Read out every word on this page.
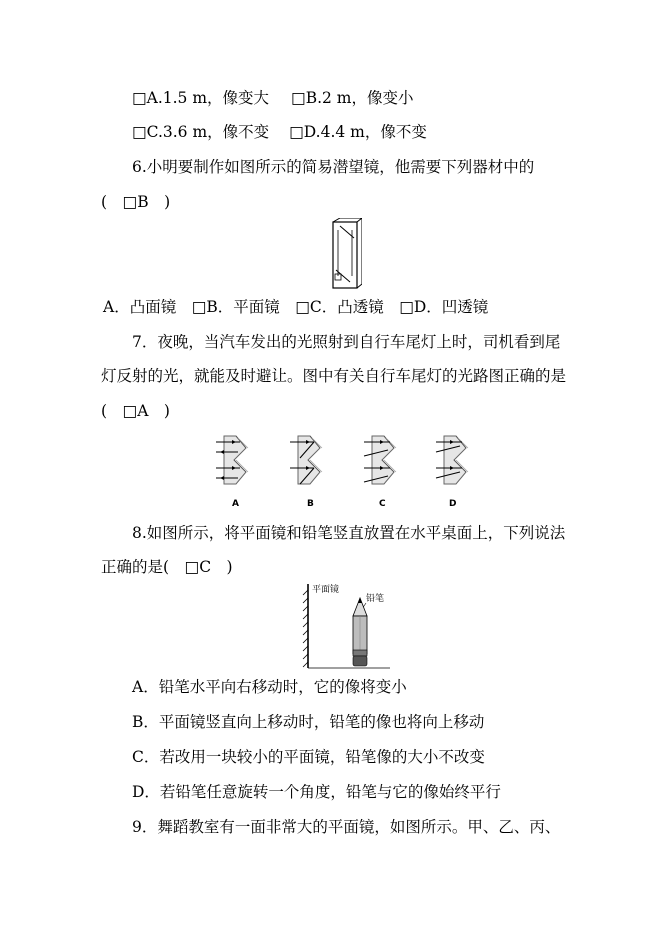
□A.1.5 m，像变大 □B.2 m，像变小
□C.3.6 m，像不变 □D.4.4 m，像不变
6.小明要制作如图所示的简易潜望镜，他需要下列器材中的
(　□B　)
A．凸面镜　□B．平面镜　□C．凸透镜　□D．凹透镜
7．夜晚，当汽车发出的光照射到自行车尾灯上时，司机看到尾
灯反射的光，就能及时避让。图中有关自行车尾灯的光路图正确的是
(　□A　)
A	B	C	D
8.如图所示，将平面镜和铅笔竖直放置在水平桌面上，下列说法
正确的是(　□C　)
平面镜
铅笔
A．铅笔水平向右移动时，它的像将变小
B．平面镜竖直向上移动时，铅笔的像也将向上移动
C．若改用一块较小的平面镜，铅笔像的大小不改变
D．若铅笔任意旋转一个角度，铅笔与它的像始终平行
9．舞蹈教室有一面非常大的平面镜，如图所示。甲、乙、丙、
